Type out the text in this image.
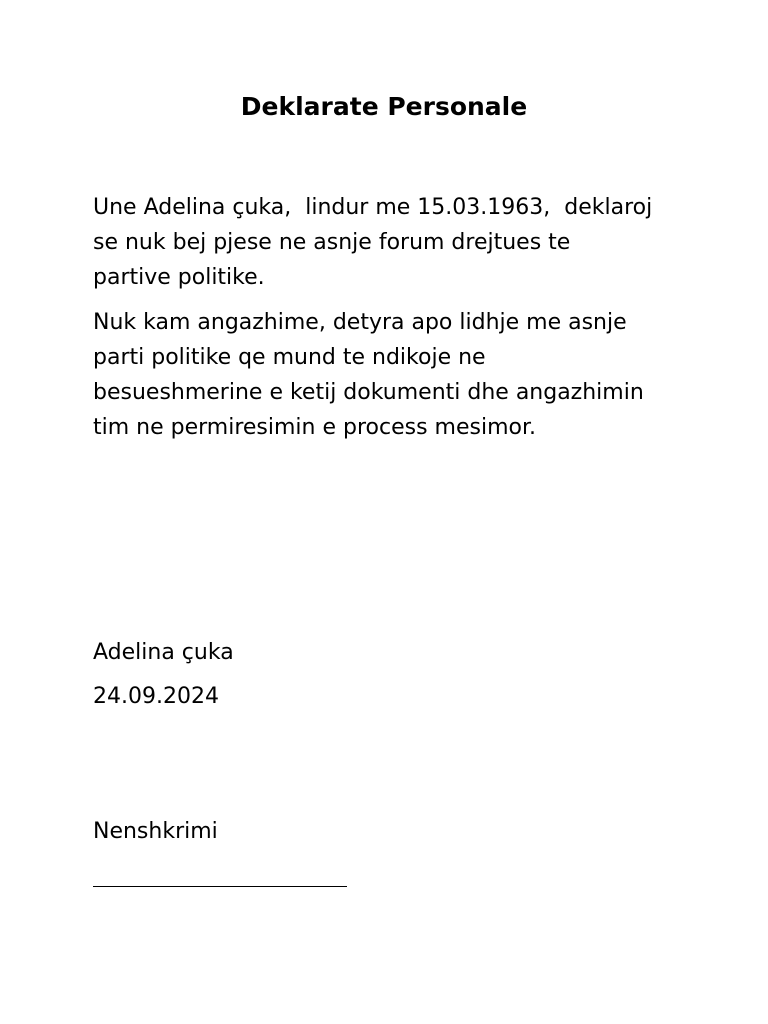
Deklarate Personale

Une Adelina çuka,  lindur me 15.03.1963,  deklaroj
se nuk bej pjese ne asnje forum drejtues te
partive politike.

Nuk kam angazhime, detyra apo lidhje me asnje
parti politike qe mund te ndikoje ne
besueshmerine e ketij dokumenti dhe angazhimin
tim ne permiresimin e process mesimor.

Adelina çuka

24.09.2024

Nenshkrimi
